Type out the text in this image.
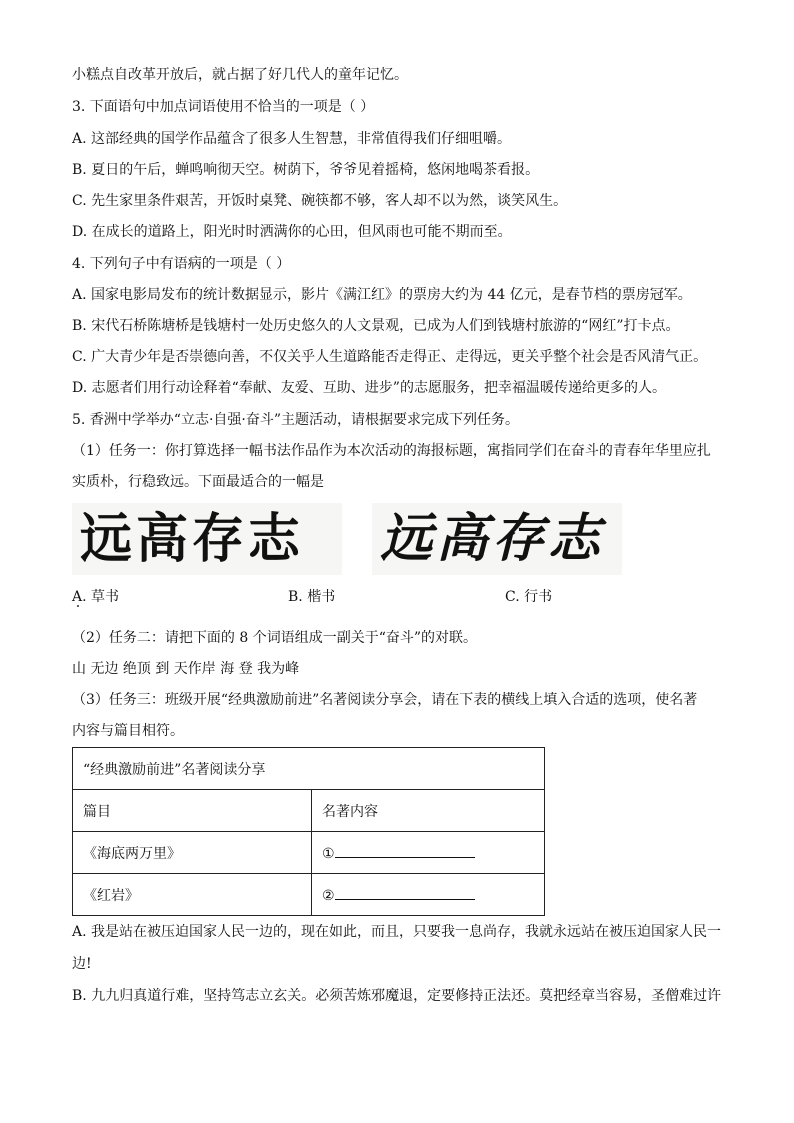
小糕点自改革开放后，就占据了好几代人的童年记忆。
3. 下面语句中加点词语使用不恰当的一项是（ ）
A. 这部经典的国学作品蕴含了很多人生智慧，非常值得我们仔细咀嚼。
B. 夏日的午后，蝉鸣响彻天空。树荫下，爷爷见着摇椅，悠闲地喝茶看报。
C. 先生家里条件艰苦，开饭时桌凳、碗筷都不够，客人却不以为然，谈笑风生。
D. 在成长的道路上，阳光时时洒满你的心田，但风雨也可能不期而至。
4. 下列句子中有语病的一项是（ ）
A. 国家电影局发布的统计数据显示，影片《满江红》的票房大约为 44 亿元，是春节档的票房冠军。
B. 宋代石桥陈塘桥是钱塘村一处历史悠久的人文景观，已成为人们到钱塘村旅游的“网红”打卡点。
C. 广大青少年是否崇德向善，不仅关乎人生道路能否走得正、走得远，更关乎整个社会是否风清气正。
D. 志愿者们用行动诠释着“奉献、友爱、互助、进步”的志愿服务，把幸福温暖传递给更多的人。
5. 香洲中学举办“立志·自强·奋斗”主题活动，请根据要求完成下列任务。
（1）任务一：你打算选择一幅书法作品作为本次活动的海报标题，寓指同学们在奋斗的青春年华里应扎
实质朴，行稳致远。下面最适合的一幅是
远高存志 远高存志
A. 草书	B. 楷书	C. 行书
（2）任务二：请把下面的 8 个词语组成一副关于“奋斗”的对联。
山 无边 绝顶 到 天作岸 海 登 我为峰
（3）任务三：班级开展“经典激励前进”名著阅读分享会，请在下表的横线上填入合适的选项，使名著
内容与篇目相符。
“经典激励前进”名著阅读分享	
篇目	名著内容
《海底两万里》	①
《红岩》	②
A. 我是站在被压迫国家人民一边的，现在如此，而且，只要我一息尚存，我就永远站在被压迫国家人民一
边!
B. 九九归真道行难，坚持笃志立玄关。必须苦炼邪魔退，定要修持正法还。莫把经章当容易，圣僧难过许
